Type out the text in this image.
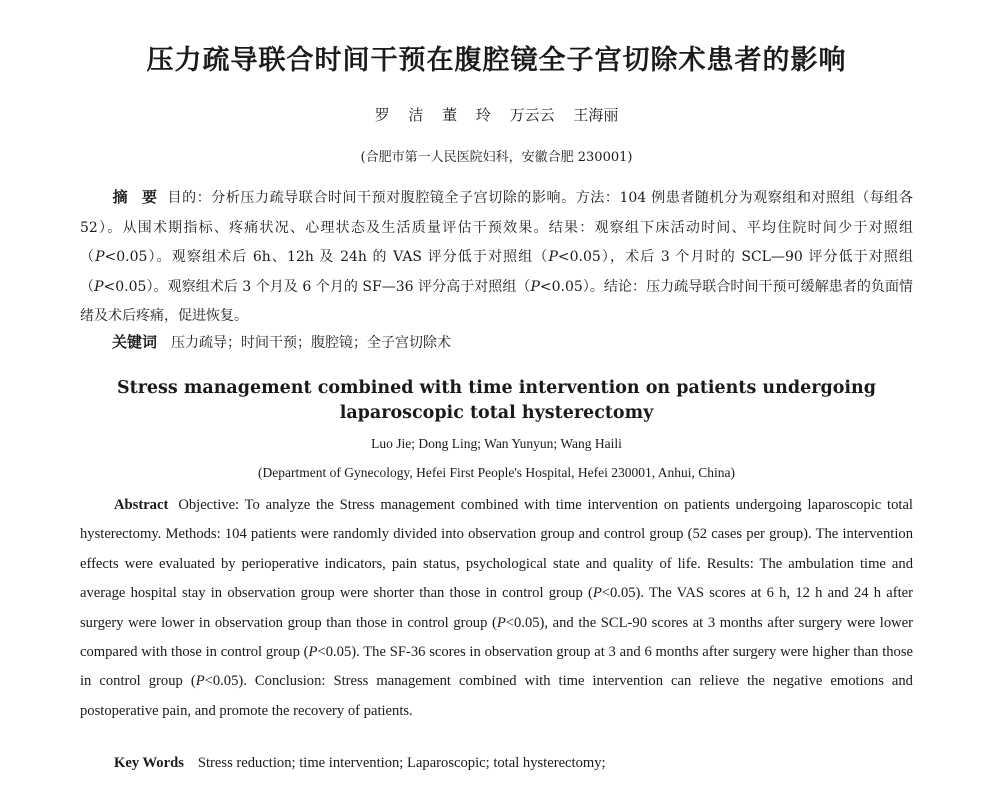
压力疏导联合时间干预在腹腔镜全子宫切除术患者的影响
罗 洁 董 玲 万云云 王海丽
(合肥市第一人民医院妇科，安徽合肥 230001)
摘 要 目的：分析压力疏导联合时间干预对腹腔镜全子宫切除的影响。方法：104 例患者随机分为观察组和对照组（每组各 52）。从围术期指标、疼痛状况、心理状态及生活质量评估干预效果。结果：观察组下床活动时间、平均住院时间少于对照组（P<0.05）。观察组术后 6h、12h 及 24h 的 VAS 评分低于对照组（P<0.05），术后 3 个月时的 SCL—90 评分低于对照组（P<0.05）。观察组术后 3 个月及 6 个月的 SF—36 评分高于对照组（P<0.05）。结论：压力疏导联合时间干预可缓解患者的负面情绪及术后疼痛，促进恢复。
关键词 压力疏导；时间干预；腹腔镜；全子宫切除术
Stress management combined with time intervention on patients undergoing laparoscopic total hysterectomy
Luo Jie; Dong Ling; Wan Yunyun; Wang Haili
(Department of Gynecology, Hefei First People's Hospital, Hefei 230001, Anhui, China)
Abstract Objective: To analyze the Stress management combined with time intervention on patients undergoing laparoscopic total hysterectomy. Methods: 104 patients were randomly divided into observation group and control group (52 cases per group). The intervention effects were evaluated by perioperative indicators, pain status, psychological state and quality of life. Results: The ambulation time and average hospital stay in observation group were shorter than those in control group (P<0.05). The VAS scores at 6 h, 12 h and 24 h after surgery were lower in observation group than those in control group (P<0.05), and the SCL-90 scores at 3 months after surgery were lower compared with those in control group (P<0.05). The SF-36 scores in observation group at 3 and 6 months after surgery were higher than those in control group (P<0.05). Conclusion: Stress management combined with time intervention can relieve the negative emotions and postoperative pain, and promote the recovery of patients.
Key Words Stress reduction; time intervention; Laparoscopic; total hysterectomy;
